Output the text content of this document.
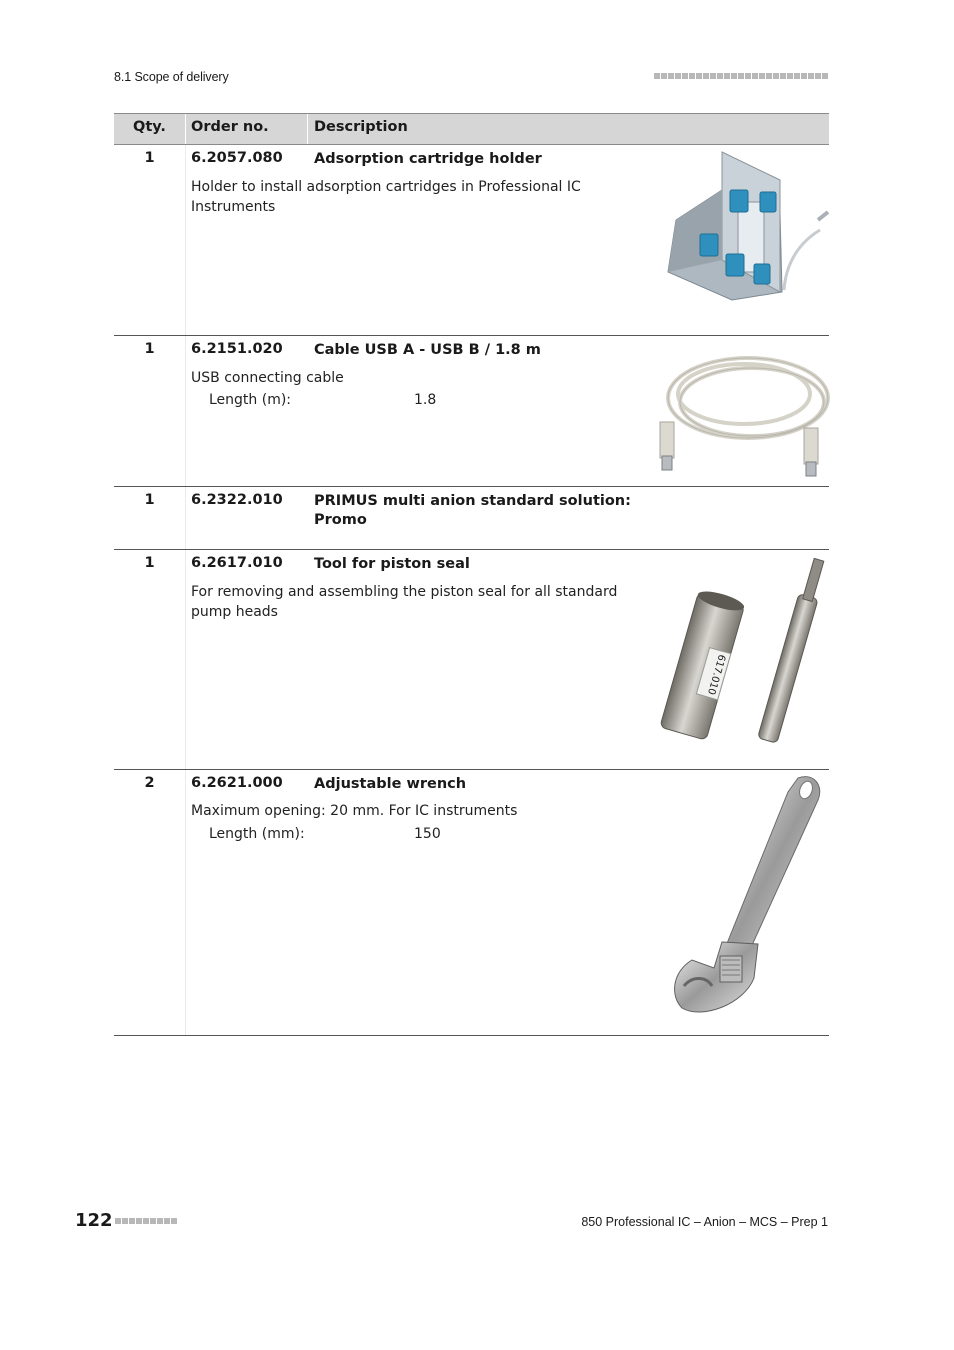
8.1 Scope of delivery
Qty.	Order no.	Description
1	6.2057.080 Adsorption cartridge holder
Holder to install adsorption cartridges in Professional IC Instruments
1	6.2151.020 Cable USB A - USB B / 1.8 m
USB connecting cable
Length (m):	1.8
1	6.2322.010 PRIMUS multi anion standard solution: Promo
1	6.2617.010 Tool for piston seal
For removing and assembling the piston seal for all standard pump heads
617.010
2	6.2621.000 Adjustable wrench
Maximum opening: 20 mm. For IC instruments
Length (mm):	150
122	850 Professional IC – Anion – MCS – Prep 1
